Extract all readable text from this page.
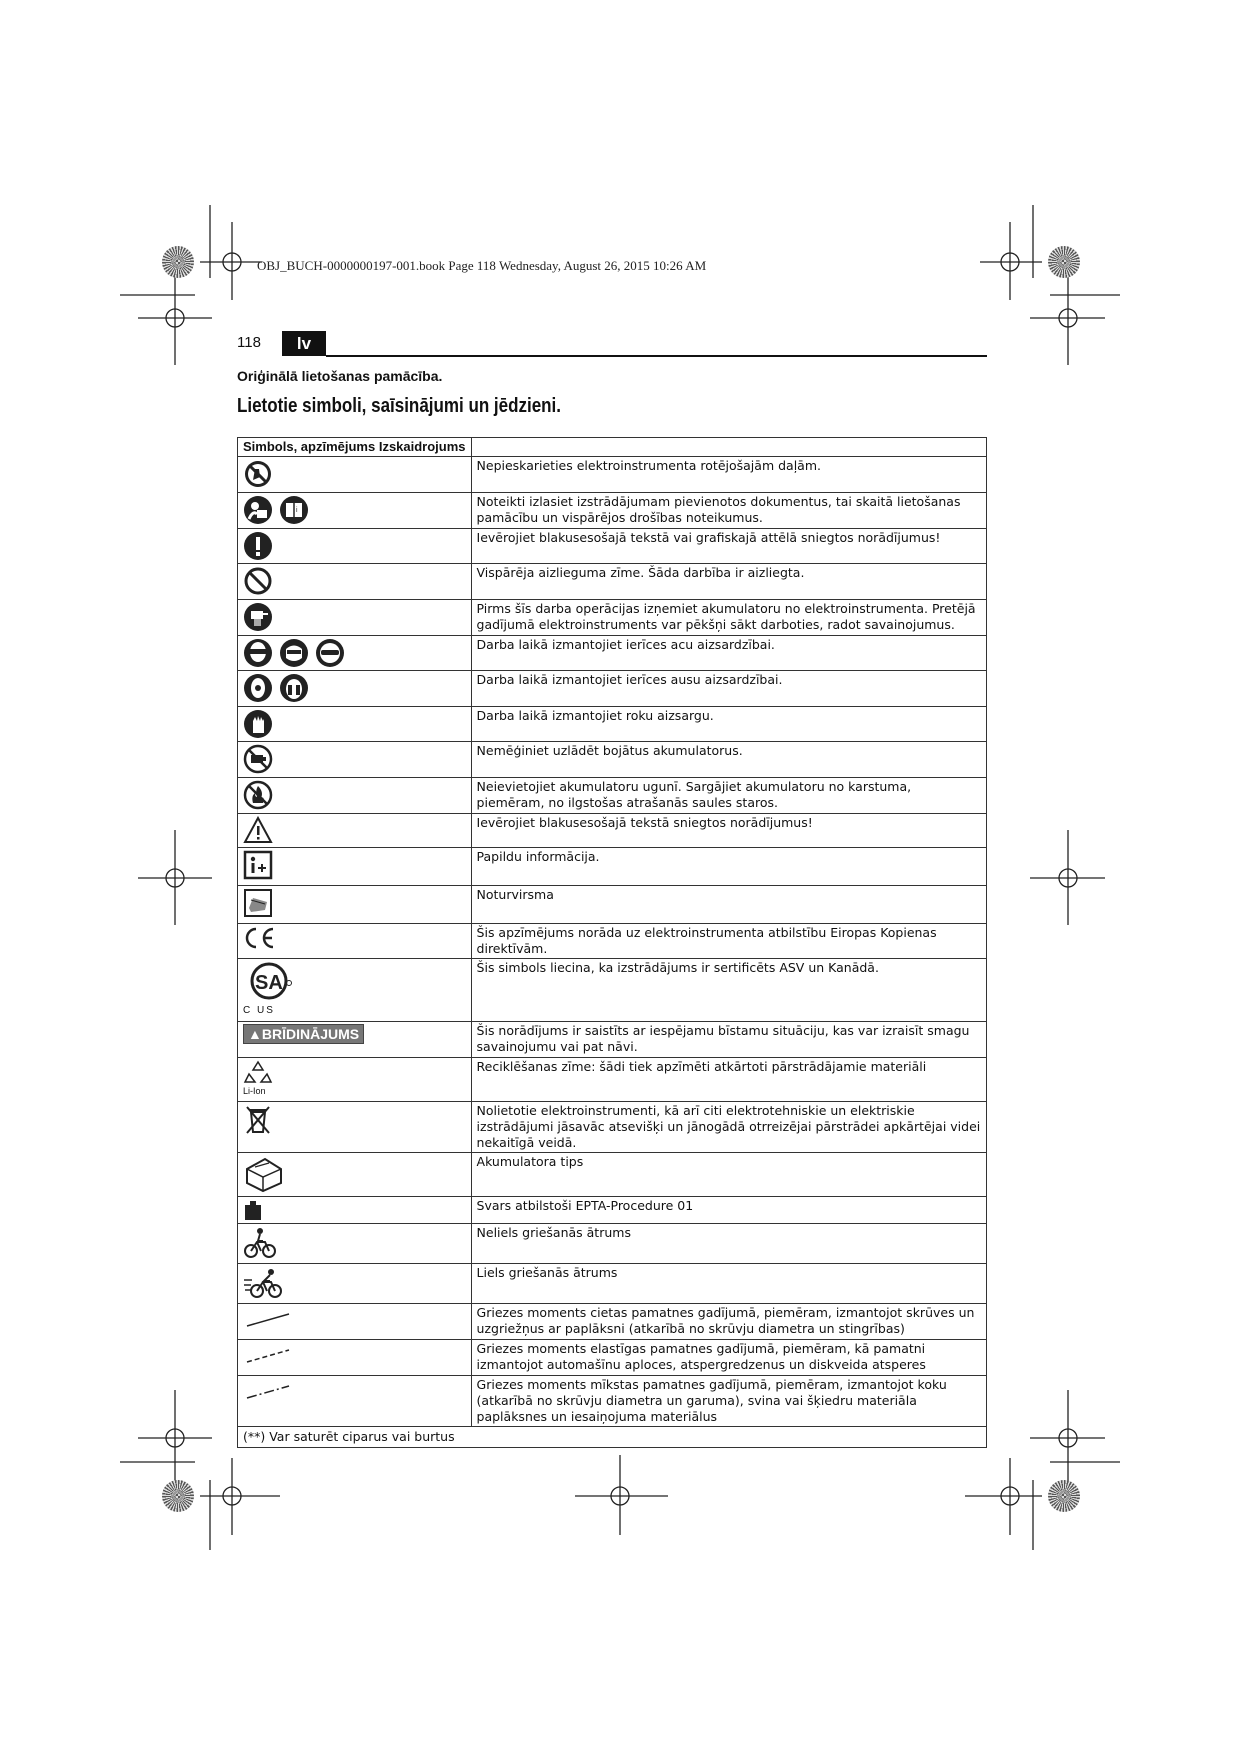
OBJ_BUCH-0000000197-001.book Page 118 Wednesday, August 26, 2015 10:26 AM
118	lv
Oriģinālā lietošanas pamācība.
Lietotie simboli, saīsinājumi un jēdzieni.
Simbols, apzīmējums Izskaidrojums	
	Nepieskarieties elektroinstrumenta rotējošajām daļām.

i	Noteikti izlasiet izstrādājumam pievienotos dokumentus, tai skaitā lietošanas pamācību un vispārējos drošības noteikumus.
	Ievērojiet blakusesošajā tekstā vai grafiskajā attēlā sniegtos norādījumus!
	Vispārēja aizlieguma zīme. Šāda darbība ir aizliegta.
	Pirms šīs darba operācijas izņemiet akumulatoru no elektroinstrumenta. Pretējā gadījumā elektroinstruments var pēkšņi sākt darboties, radot savainojumus.
	Darba laikā izmantojiet ierīces acu aizsardzībai.
	Darba laikā izmantojiet ierīces ausu aizsardzībai.
	Darba laikā izmantojiet roku aizsargu.
	Nemēģiniet uzlādēt bojātus akumulatorus.
	Neievietojiet akumulatoru ugunī. Sargājiet akumulatoru no karstuma, piemēram, no ilgstošas atrašanās saules staros.
	Ievērojiet blakusesošajā tekstā sniegtos norādījumus!
	Papildu informācija.
	Noturvirsma
	Šis apzīmējums norāda uz elektroinstrumenta atbilstību Eiropas Kopienas direktīvām.

SA
C US	Šis simbols liecina, ka izstrādājums ir sertificēts ASV un Kanādā.
▲BRĪDINĀJUMS	Šis norādījums ir saistīts ar iespējamu bīstamu situāciju, kas var izraisīt smagu savainojumu vai pat nāvi.

Li-Ion	Reciklēšanas zīme: šādi tiek apzīmēti atkārtoti pārstrādājamie materiāli
	Nolietotie elektroinstrumenti, kā arī citi elektrotehniskie un elektriskie izstrādājumi jāsavāc atsevišķi un jānogādā otrreizējai pārstrādei apkārtējai videi nekaitīgā veidā.
	Akumulatora tips
	Svars atbilstoši EPTA-Procedure 01
	Neliels griešanās ātrums
	Liels griešanās ātrums
	Griezes moments cietas pamatnes gadījumā, piemēram, izmantojot skrūves un uzgriežņus ar paplāksni (atkarībā no skrūvju diametra un stingrības)
	Griezes moments elastīgas pamatnes gadījumā, piemēram, kā pamatni izmantojot automašīnu aploces, atspergredzenus un diskveida atsperes
	Griezes moments mīkstas pamatnes gadījumā, piemēram, izmantojot koku (atkarībā no skrūvju diametra un garuma), svina vai šķiedru materiāla paplāksnes un iesaiņojuma materiālus
(**) Var saturēt ciparus vai burtus	
